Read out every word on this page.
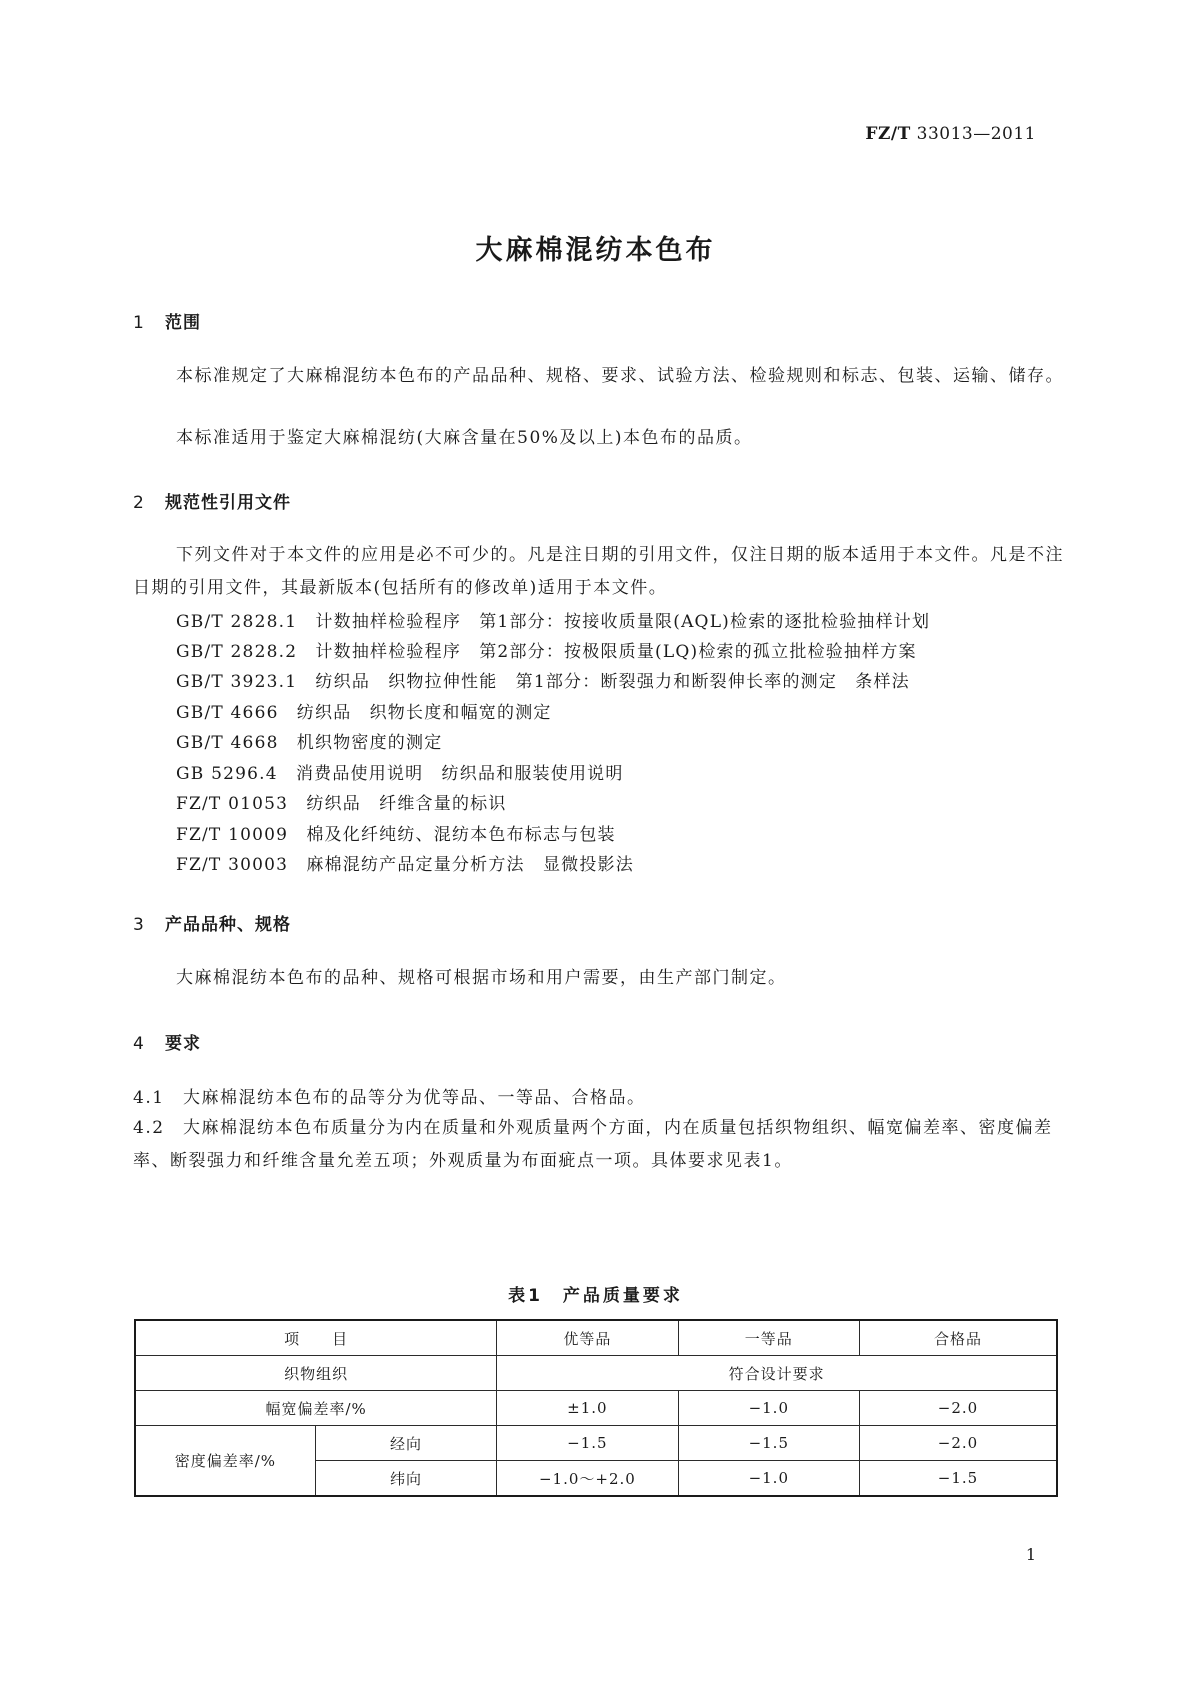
FZ/T 33013—2011
大麻棉混纺本色布
1 范围
本标准规定了大麻棉混纺本色布的产品品种、规格、要求、试验方法、检验规则和标志、包装、运输、储存。
本标准适用于鉴定大麻棉混纺(大麻含量在50%及以上)本色布的品质。
2 规范性引用文件
下列文件对于本文件的应用是必不可少的。凡是注日期的引用文件，仅注日期的版本适用于本文件。凡是不注日期的引用文件，其最新版本(包括所有的修改单)适用于本文件。
GB/T 2828.1　计数抽样检验程序　第1部分：按接收质量限(AQL)检索的逐批检验抽样计划
GB/T 2828.2　计数抽样检验程序　第2部分：按极限质量(LQ)检索的孤立批检验抽样方案
GB/T 3923.1　纺织品　织物拉伸性能　第1部分：断裂强力和断裂伸长率的测定　条样法
GB/T 4666　纺织品　织物长度和幅宽的测定
GB/T 4668　机织物密度的测定
GB 5296.4　消费品使用说明　纺织品和服装使用说明
FZ/T 01053　纺织品　纤维含量的标识
FZ/T 10009　棉及化纤纯纺、混纺本色布标志与包装
FZ/T 30003　麻棉混纺产品定量分析方法　显微投影法
3 产品品种、规格
大麻棉混纺本色布的品种、规格可根据市场和用户需要，由生产部门制定。
4 要求
4.1　大麻棉混纺本色布的品等分为优等品、一等品、合格品。
4.2　大麻棉混纺本色布质量分为内在质量和外观质量两个方面，内在质量包括织物组织、幅宽偏差率、密度偏差率、断裂强力和纤维含量允差五项；外观质量为布面疵点一项。具体要求见表1。
表1　产品质量要求
项　　目		优等品	一等品	合格品
织物组织		符合设计要求		
幅宽偏差率/%		±1.0	−1.0	−2.0
密度偏差率/%	经向	−1.5	−1.5	−2.0
	纬向	−1.0～+2.0	−1.0	−1.5
1
